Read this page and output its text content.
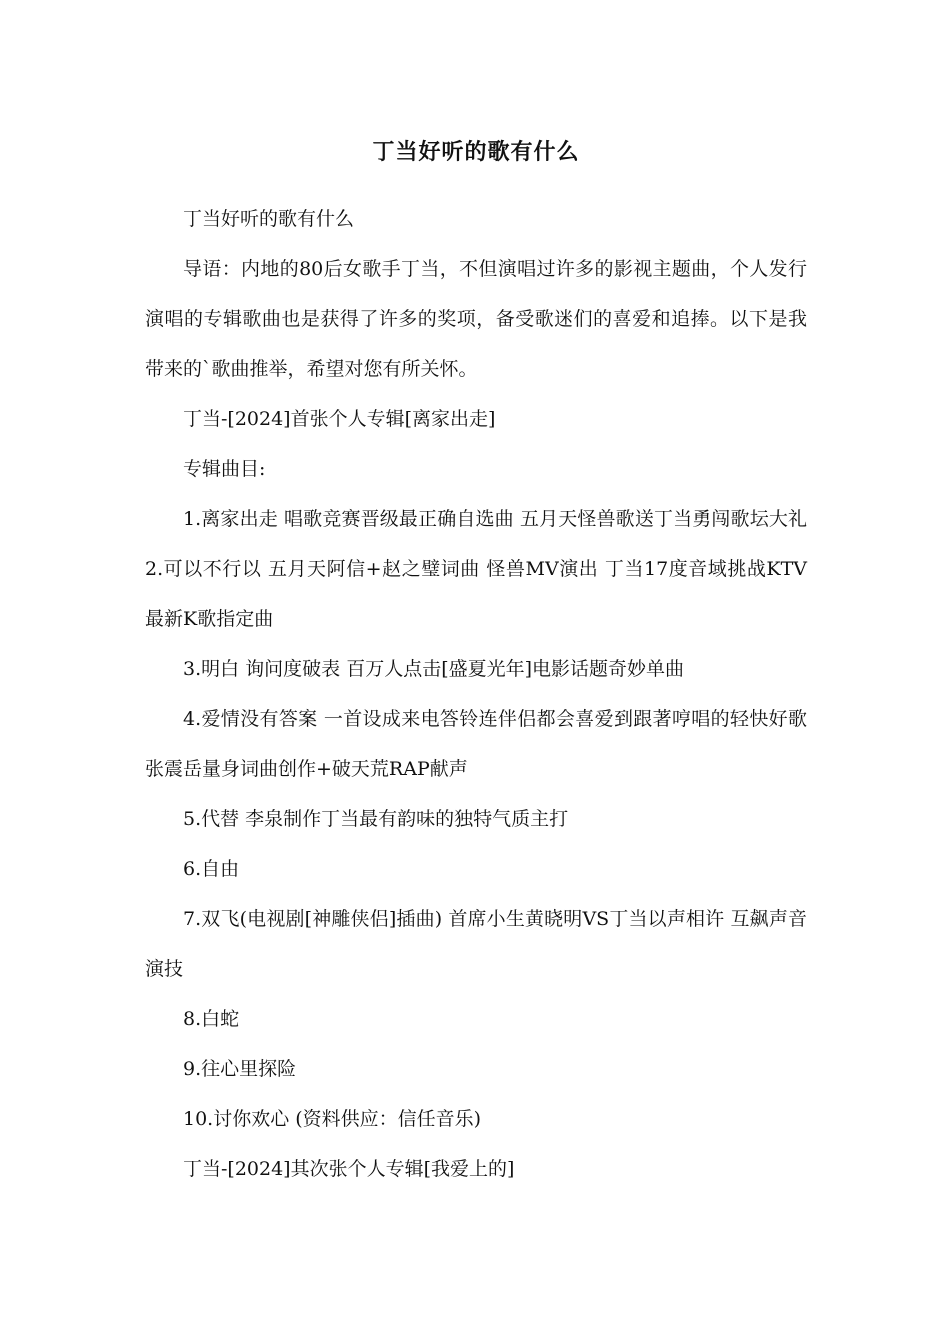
丁当好听的歌有什么

丁当好听的歌有什么

导语：内地的80后女歌手丁当，不但演唱过许多的影视主题曲，个人发行演唱的专辑歌曲也是获得了许多的奖项，备受歌迷们的喜爱和追捧。以下是我带来的`歌曲推举，希望对您有所关怀。

丁当-[2024]首张个人专辑[离家出走]

专辑曲目:

1.离家出走 唱歌竞赛晋级最正确自选曲 五月天怪兽歌送丁当勇闯歌坛大礼 2.可以不行以 五月天阿信+赵之璧词曲 怪兽MV演出 丁当17度音域挑战KTV最新K歌指定曲

3.明白 询问度破表 百万人点击[盛夏光年]电影话题奇妙单曲

4.爱情没有答案 一首设成来电答铃连伴侣都会喜爱到跟著哼唱的轻快好歌 张震岳量身词曲创作+破天荒RAP献声

5.代替 李泉制作丁当最有韵味的独特气质主打

6.自由

7.双飞(电视剧[神雕侠侣]插曲) 首席小生黄晓明VS丁当以声相许 互飙声音演技

8.白蛇

9.往心里探险

10.讨你欢心 (资料供应：信任音乐)

丁当-[2024]其次张个人专辑[我爱上的]
